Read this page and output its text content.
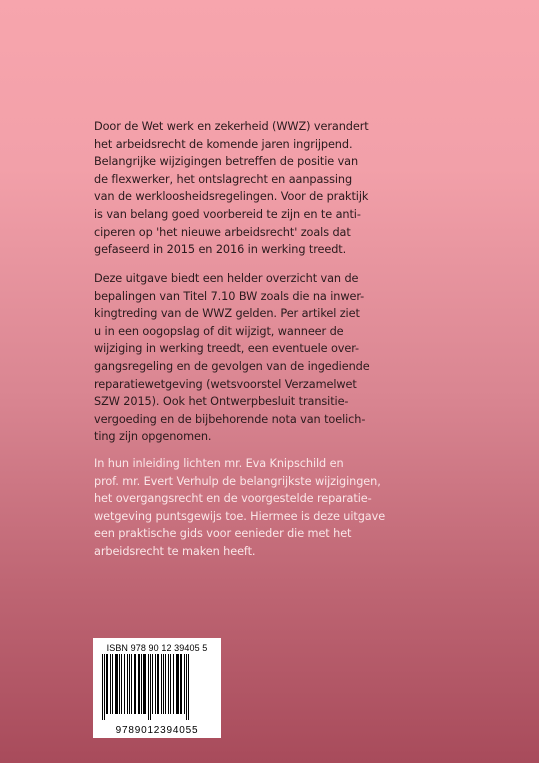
Door de Wet werk en zekerheid (WWZ) verandert
het arbeidsrecht de komende jaren ingrijpend.
Belangrijke wijzigingen betreffen de positie van
de flexwerker, het ontslagrecht en aanpassing
van de werkloosheidsregelingen. Voor de praktijk
is van belang goed voorbereid te zijn en te anti-
ciperen op 'het nieuwe arbeidsrecht' zoals dat
gefaseerd in 2015 en 2016 in werking treedt.

Deze uitgave biedt een helder overzicht van de
bepalingen van Titel 7.10 BW zoals die na inwer-
kingtreding van de WWZ gelden. Per artikel ziet
u in een oogopslag of dit wijzigt, wanneer de
wijziging in werking treedt, een eventuele over-
gangsregeling en de gevolgen van de ingediende
reparatiewetgeving (wetsvoorstel Verzamelwet
SZW 2015). Ook het Ontwerpbesluit transitie-
vergoeding en de bijbehorende nota van toelich-
ting zijn opgenomen.

In hun inleiding lichten mr. Eva Knipschild en
prof. mr. Evert Verhulp de belangrijkste wijzigingen,
het overgangsrecht en de voorgestelde reparatie-
wetgeving puntsgewijs toe. Hiermee is deze uitgave
een praktische gids voor eenieder die met het
arbeidsrecht te maken heeft.

ISBN 978 90 12 39405 5
9789012394055
